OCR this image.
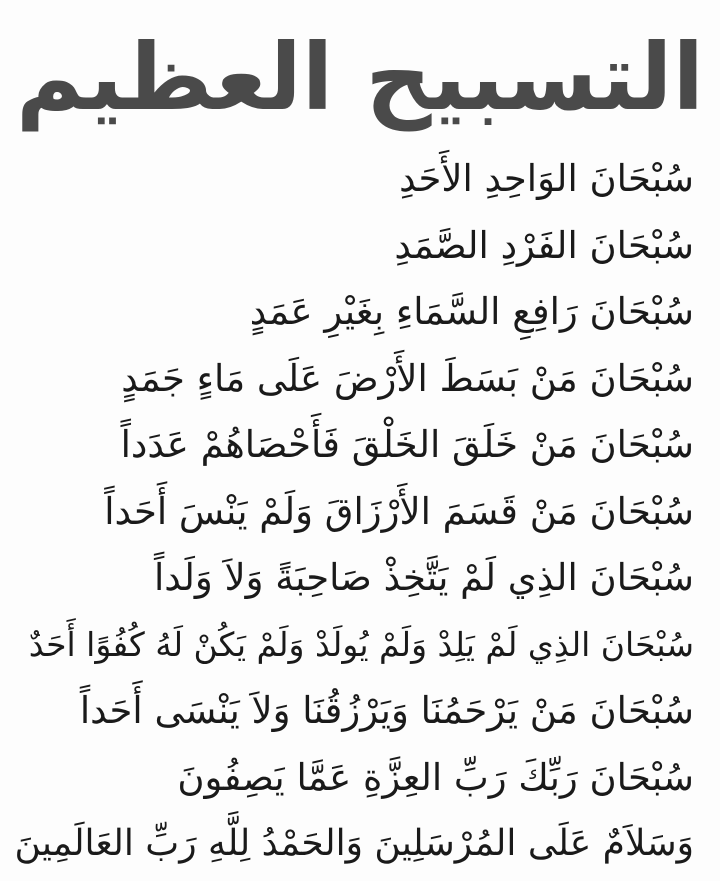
التسبيح العظيم
سُبْحَانَ الوَاحِدِ الأَحَدِ
سُبْحَانَ الفَرْدِ الصَّمَدِ
سُبْحَانَ رَافِعِ السَّمَاءِ بِغَيْرِ عَمَدٍ
سُبْحَانَ مَنْ بَسَطَ الأَرْضَ عَلَى مَاءٍ جَمَدٍ
سُبْحَانَ مَنْ خَلَقَ الخَلْقَ فَأَحْصَاهُمْ عَدَداً
سُبْحَانَ مَنْ قَسَمَ الأَرْزَاقَ وَلَمْ يَنْسَ أَحَداً
سُبْحَانَ الذِي لَمْ يَتَّخِذْ صَاحِبَةً وَلاَ وَلَداً
سُبْحَانَ الذِي لَمْ يَلِدْ وَلَمْ يُولَدْ وَلَمْ يَكُنْ لَهُ كُفُوًا أَحَدٌ
سُبْحَانَ مَنْ يَرْحَمُنَا وَيَرْزُقُنَا وَلاَ يَنْسَى أَحَداً
سُبْحَانَ رَبِّكَ رَبِّ العِزَّةِ عَمَّا يَصِفُونَ
وَسَلاَمٌ عَلَى المُرْسَلِينَ وَالحَمْدُ لِلَّهِ رَبِّ العَالَمِينَ
